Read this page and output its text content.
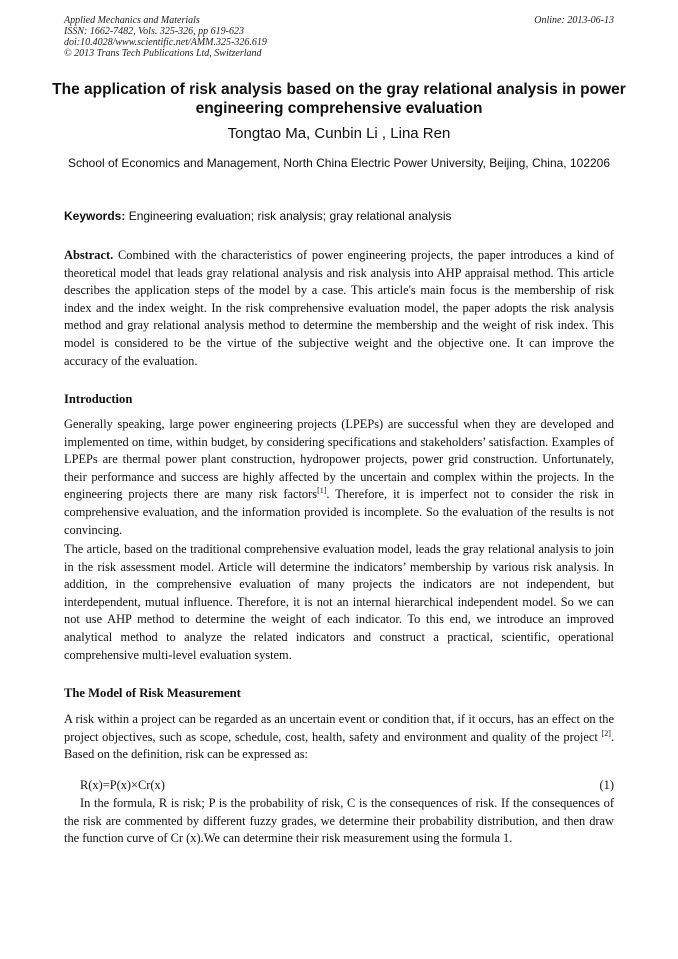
Applied Mechanics and Materials
ISSN: 1662-7482, Vols. 325-326, pp 619-623
doi:10.4028/www.scientific.net/AMM.325-326.619
© 2013 Trans Tech Publications Ltd, Switzerland
Online: 2013-06-13
The application of risk analysis based on the gray relational analysis in power engineering comprehensive evaluation
Tongtao Ma, Cunbin Li , Lina Ren
School of Economics and Management, North China Electric Power University, Beijing, China, 102206
Keywords: Engineering evaluation; risk analysis; gray relational analysis
Abstract. Combined with the characteristics of power engineering projects, the paper introduces a kind of theoretical model that leads gray relational analysis and risk analysis into AHP appraisal method. This article describes the application steps of the model by a case. This article's main focus is the membership of risk index and the index weight. In the risk comprehensive evaluation model, the paper adopts the risk analysis method and gray relational analysis method to determine the membership and the weight of risk index. This model is considered to be the virtue of the subjective weight and the objective one. It can improve the accuracy of the evaluation.
Introduction
Generally speaking, large power engineering projects (LPEPs) are successful when they are developed and implemented on time, within budget, by considering specifications and stakeholders’ satisfaction. Examples of LPEPs are thermal power plant construction, hydropower projects, power grid construction. Unfortunately, their performance and success are highly affected by the uncertain and complex within the projects. In the engineering projects there are many risk factors[1]. Therefore, it is imperfect not to consider the risk in comprehensive evaluation, and the information provided is incomplete. So the evaluation of the results is not convincing.
The article, based on the traditional comprehensive evaluation model, leads the gray relational analysis to join in the risk assessment model. Article will determine the indicators’ membership by various risk analysis. In addition, in the comprehensive evaluation of many projects the indicators are not independent, but interdependent, mutual influence. Therefore, it is not an internal hierarchical independent model. So we can not use AHP method to determine the weight of each indicator. To this end, we introduce an improved analytical method to analyze the related indicators and construct a practical, scientific, operational comprehensive multi-level evaluation system.
The Model of Risk Measurement
A risk within a project can be regarded as an uncertain event or condition that, if it occurs, has an effect on the project objectives, such as scope, schedule, cost, health, safety and environment and quality of the project [2]. Based on the definition, risk can be expressed as:
R(x)=P(x)×Cr(x)	(1)
In the formula, R is risk; P is the probability of risk, C is the consequences of risk. If the consequences of the risk are commented by different fuzzy grades, we determine their probability distribution, and then draw the function curve of Cr (x).We can determine their risk measurement using the formula 1.
